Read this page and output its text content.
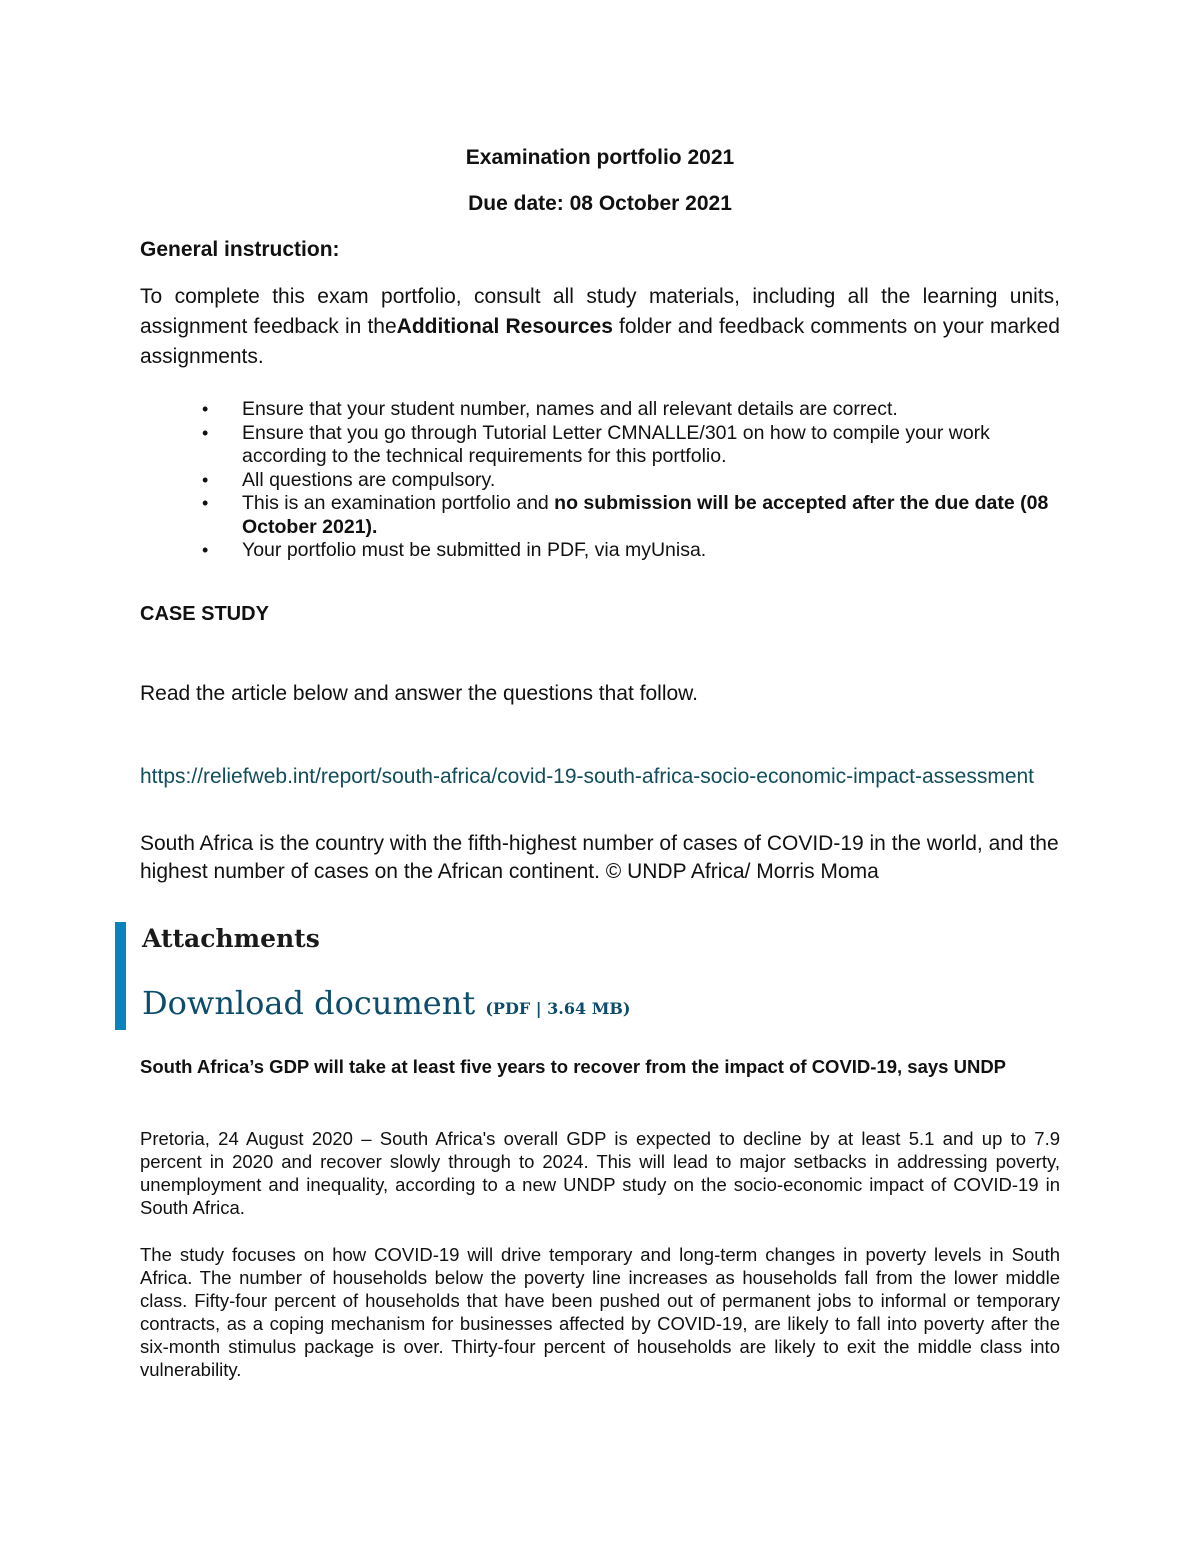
Examination portfolio 2021

Due date: 08 October 2021

General instruction:

To complete this exam portfolio, consult all study materials, including all the learning units, assignment feedback in theAdditional Resources folder and feedback comments on your marked assignments.

• Ensure that your student number, names and all relevant details are correct.
• Ensure that you go through Tutorial Letter CMNALLE/301 on how to compile your work according to the technical requirements for this portfolio.
• All questions are compulsory.
• This is an examination portfolio and no submission will be accepted after the due date (08 October 2021).
• Your portfolio must be submitted in PDF, via myUnisa.

CASE STUDY

Read the article below and answer the questions that follow.

https://reliefweb.int/report/south-africa/covid-19-south-africa-socio-economic-impact-assessment

South Africa is the country with the fifth-highest number of cases of COVID-19 in the world, and the highest number of cases on the African continent. © UNDP Africa/ Morris Moma

Attachments

Download document (PDF | 3.64 MB)

South Africa’s GDP will take at least five years to recover from the impact of COVID-19, says UNDP

Pretoria, 24 August 2020 – South Africa's overall GDP is expected to decline by at least 5.1 and up to 7.9 percent in 2020 and recover slowly through to 2024. This will lead to major setbacks in addressing poverty, unemployment and inequality, according to a new UNDP study on the socio-economic impact of COVID-19 in South Africa.

The study focuses on how COVID-19 will drive temporary and long-term changes in poverty levels in South Africa. The number of households below the poverty line increases as households fall from the lower middle class. Fifty-four percent of households that have been pushed out of permanent jobs to informal or temporary contracts, as a coping mechanism for businesses affected by COVID-19, are likely to fall into poverty after the six-month stimulus package is over. Thirty-four percent of households are likely to exit the middle class into vulnerability.
